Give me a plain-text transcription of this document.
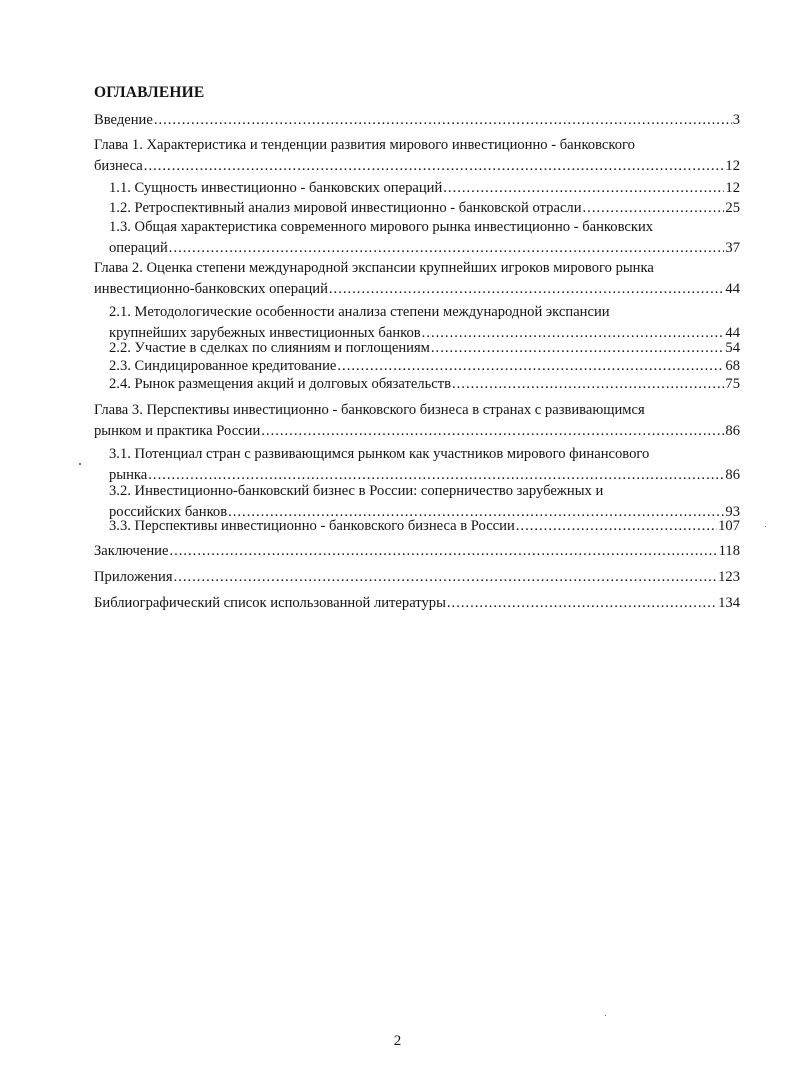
ОГЛАВЛЕНИЕ
Введение .....	3
Глава 1. Характеристика и тенденции развития мирового инвестиционно - банковского
бизнеса .....	12
1.1. Сущность инвестиционно - банковских операций .....	12
1.2. Ретроспективный анализ мировой инвестиционно - банковской отрасли .....	25
1.3. Общая характеристика современного мирового рынка инвестиционно - банковских
операций .....	37
Глава 2. Оценка степени международной экспансии крупнейших игроков мирового рынка
инвестиционно-банковских операций .....	44
2.1. Методологические особенности анализа степени международной экспансии
крупнейших зарубежных инвестиционных банков .....	44
2.2. Участие в сделках по слияниям и поглощениям .....	54
2.3. Синдицированное кредитование .....	68
2.4. Рынок размещения акций и долговых обязательств .....	75
Глава 3. Перспективы инвестиционно - банковского бизнеса в странах с развивающимся
рынком и практика России .....	86
3.1. Потенциал стран с развивающимся рынком как участников мирового финансового
рынка .....	86
3.2. Инвестиционно-банковский бизнес в России: соперничество зарубежных и
российских банков .....	93
3.3. Перспективы инвестиционно - банковского бизнеса в России .....	107
Заключение .....	118
Приложения .....	123
Библиографический список использованной литературы .....	134
2
